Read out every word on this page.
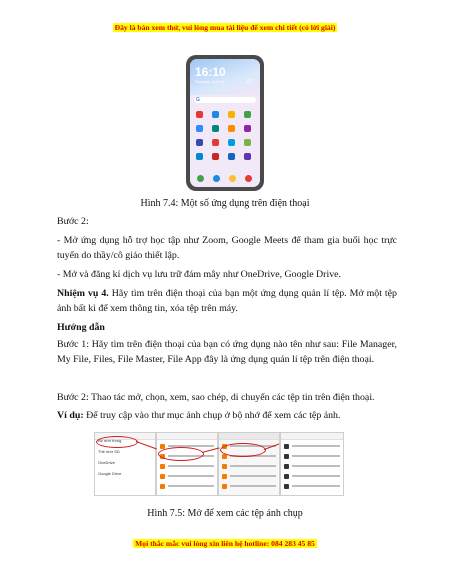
Đây là bản xem thử, vui lòng mua tài liệu để xem chi tiết (có lời giải)
16:10
Thursday, June 16	22°
G
Hình 7.4: Một số ứng dụng trên điện thoại
Bước 2:
- Mở ứng dụng hỗ trợ học tập như Zoom, Google Meets để tham gia buổi học trực tuyến do thầy/cô giáo thiết lập.
- Mở và đăng kí dịch vụ lưu trữ đám mây như OneDrive, Google Drive.
Nhiệm vụ 4. Hãy tìm trên điện thoại của bạn một ứng dụng quản lí tệp. Mở một tệp ảnh bất kì để xem thông tin, xóa tệp trên máy.
Hướng dẫn
Bước 1: Hãy tìm trên điện thoại của bạn có ứng dụng nào tên như sau: File Manager, My File, Files, File Master, File App đây là ứng dụng quản lí tệp trên điện thoại.
Bước 2: Thao tác mở, chọn, xem, sao chép, di chuyển các tệp tin trên điện thoại.
Ví dụ: Để truy cập vào thư mục ảnh chụp ở bộ nhớ để xem các tệp ảnh.
Bộ nhớ trong
Thẻ nhớ SD
OneDrive
Google Drive
Hình 7.5: Mở để xem các tệp ảnh chụp
Mọi thắc mắc vui lòng xin liên hệ hotline: 084 283 45 85
